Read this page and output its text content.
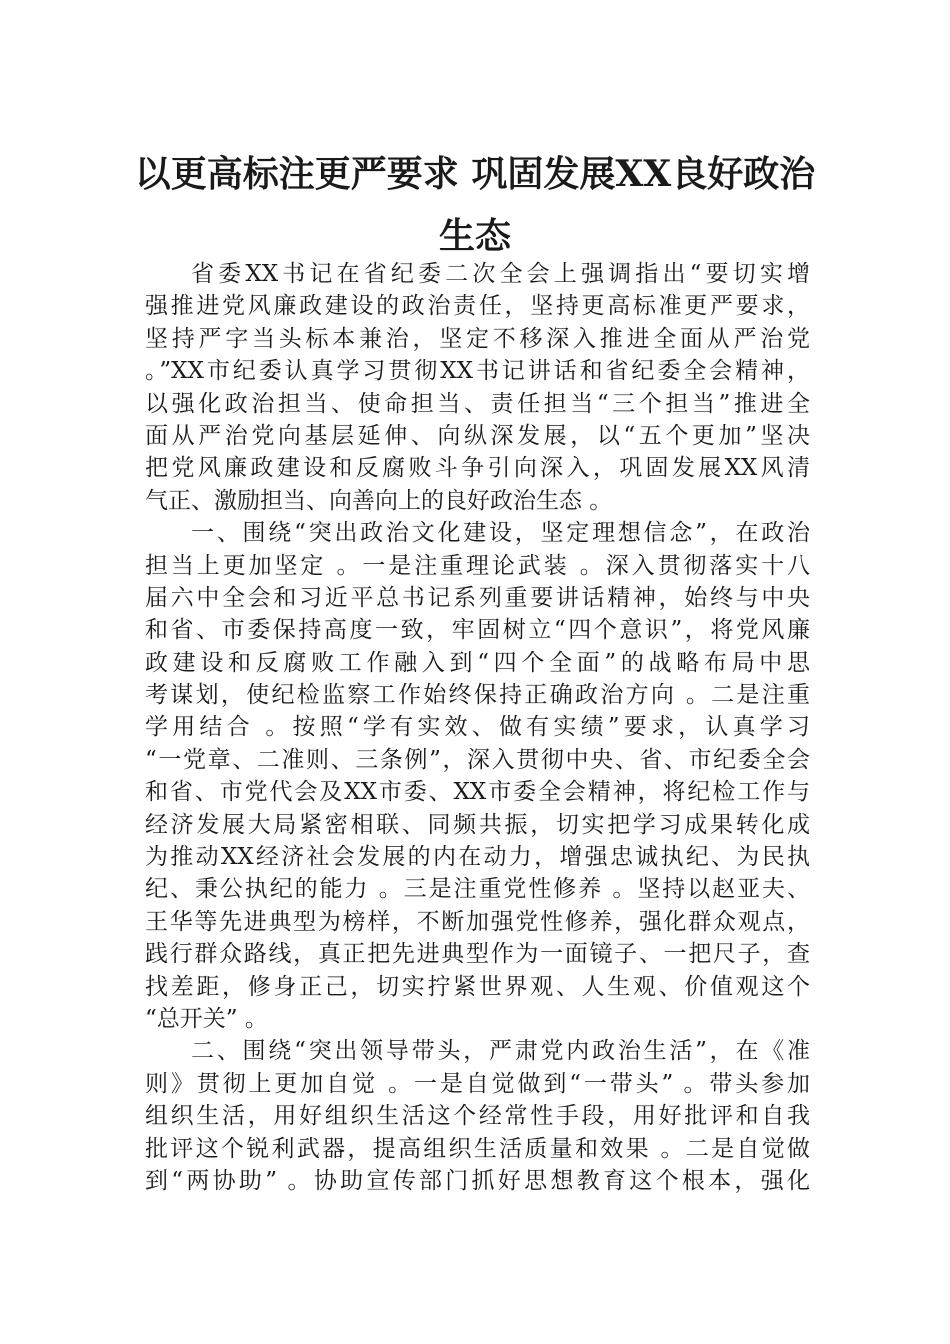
以更高标注更严要求 巩固发展XX良好政治
生态
省委XX书记在省纪委二次全会上强调指出“要切实增
强推进党风廉政建设的政治责任，坚持更高标准更严要求，
坚持严字当头标本兼治，坚定不移深入推进全面从严治党
。”XX市纪委认真学习贯彻XX书记讲话和省纪委全会精神，
以强化政治担当、使命担当、责任担当“三个担当”推进全
面从严治党向基层延伸、向纵深发展，以“五个更加”坚决
把党风廉政建设和反腐败斗争引向深入，巩固发展XX风清
气正、激励担当、向善向上的良好政治生态 。
一、围绕“突出政治文化建设，坚定理想信念”，在政治
担当上更加坚定 。一是注重理论武装 。深入贯彻落实十八
届六中全会和习近平总书记系列重要讲话精神，始终与中央
和省、市委保持高度一致，牢固树立“四个意识”，将党风廉
政建设和反腐败工作融入到“四个全面”的战略布局中思
考谋划，使纪检监察工作始终保持正确政治方向 。二是注重
学用结合 。按照“学有实效、做有实绩”要求，认真学习
“一党章、二准则、三条例”，深入贯彻中央、省、市纪委全会
和省、市党代会及XX市委、XX市委全会精神，将纪检工作与
经济发展大局紧密相联、同频共振，切实把学习成果转化成
为推动XX经济社会发展的内在动力，增强忠诚执纪、为民执
纪、秉公执纪的能力 。三是注重党性修养 。坚持以赵亚夫、
王华等先进典型为榜样，不断加强党性修养，强化群众观点，
践行群众路线，真正把先进典型作为一面镜子、一把尺子，查
找差距，修身正己，切实拧紧世界观、人生观、价值观这个
“总开关” 。
二、围绕“突出领导带头，严肃党内政治生活”，在《准
则》贯彻上更加自觉 。一是自觉做到“一带头” 。带头参加
组织生活，用好组织生活这个经常性手段，用好批评和自我
批评这个锐利武器，提高组织生活质量和效果 。二是自觉做
到“两协助” 。协助宣传部门抓好思想教育这个根本，强化
